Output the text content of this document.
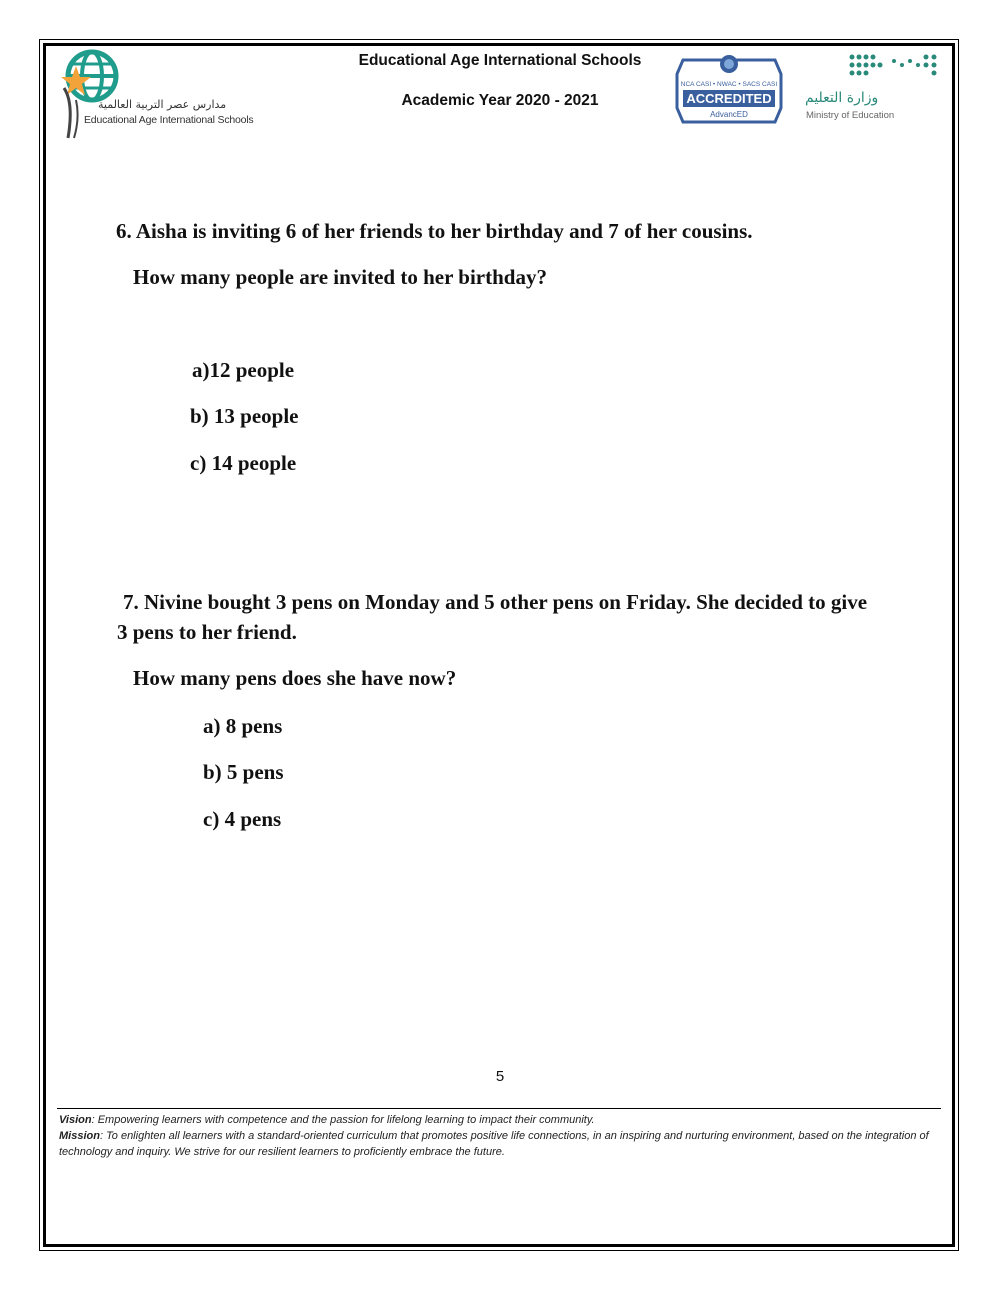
مدارس عصر التربية العالمية
Educational Age International Schools
Educational Age International Schools
Academic Year 2020 - 2021
NCA CASI • NWAC • SACS CASI
ACCREDITED
AdvancED
وزارة التعليم
Ministry of Education
6. Aisha is inviting 6 of her friends to her birthday and 7 of her cousins.
How many people are invited to her birthday?
a)12 people
b) 13 people
c) 14 people
7. Nivine bought 3 pens on Monday and 5 other pens on Friday. She decided to give
3 pens to her friend.
How many pens does she have now?
a) 8 pens
b) 5 pens
c) 4 pens
5
Vision: Empowering learners with competence and the passion for lifelong learning to impact their community.
Mission: To enlighten all learners with a standard-oriented curriculum that promotes positive life connections, in an inspiring and nurturing environment, based on the integration of technology and inquiry. We strive for our resilient learners to proficiently embrace the future.
